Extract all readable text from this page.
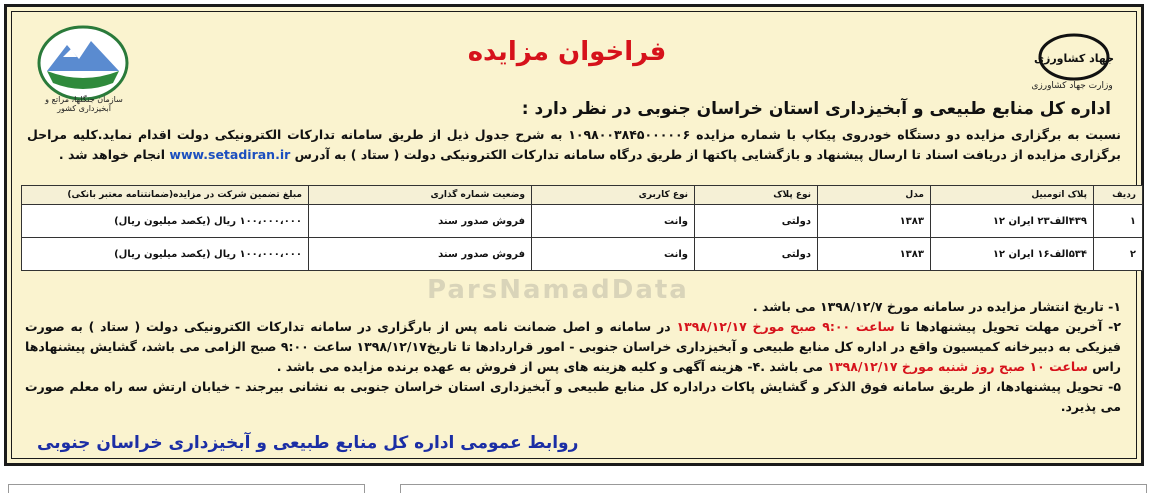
سازمان جنگلها، مراتع و آبخیزداری کشور
فراخوان مزایده	جهاد کشاورزی
وزارت جهاد کشاورزی
اداره کل منابع طبیعی و آبخیزداری استان خراسان جنوبی در نظر دارد :
نسبت به برگزاری مزایده دو دستگاه خودروی پیکاپ با شماره مزایده ۱۰۹۸۰۰۳۸۴۵۰۰۰۰۰۶ به شرح جدول ذیل از طریق سامانه تدارکات الکترونیکی دولت اقدام نماید.کلیه مراحل برگزاری مزایده از دریافت اسناد تا ارسال پیشنهاد و بازگشایی پاکتها از طریق درگاه سامانه تدارکات الکترونیکی دولت ( ستاد ) به آدرس www.setadiran.ir انجام خواهد شد .
ParsNamadData
ردیف	پلاک اتومبیل	مدل	نوع پلاک	نوع کاربری	وضعیت شماره گذاری	مبلغ تضمین شرکت در مزایده(ضمانتنامه معتبر بانکی)
۱	۴۳۹الف۲۳ ایران ۱۲	۱۳۸۳	دولتی	وانت	فروش صدور سند	۱۰۰،۰۰۰،۰۰۰ ریال (یکصد میلیون ریال)
۲	۵۳۴الف۱۶ ایران ۱۲	۱۳۸۳	دولتی	وانت	فروش صدور سند	۱۰۰،۰۰۰،۰۰۰ ریال (یکصد میلیون ریال)
۱- تاریخ انتشار مزایده در سامانه مورخ ۱۳۹۸/۱۲/۷ می باشد .
۲- آخرین مهلت تحویل پیشنهادها تا ساعت ۹:۰۰ صبح مورخ ۱۳۹۸/۱۲/۱۷ در سامانه و اصل ضمانت نامه پس از بارگزاری در سامانه تدارکات الکترونیکی دولت ( ستاد ) به صورت فیزیکی به دبیرخانه کمیسیون واقع در اداره کل منابع طبیعی و آبخیزداری خراسان جنوبی - امور قراردادها تا تاریخ۱۳۹۸/۱۲/۱۷ ساعت ۹:۰۰ صبح الزامی می باشد، گشایش پیشنهادها راس ساعت ۱۰ صبح روز شنبه مورخ ۱۳۹۸/۱۲/۱۷ می باشد .۴- هزینه آگهی و کلیه هزینه های پس از فروش به عهده برنده مزایده می باشد .
۵- تحویل پیشنهادها، از طریق سامانه فوق الذکر و گشایش پاکات دراداره کل منابع طبیعی و آبخیزداری استان خراسان جنوبی به نشانی بیرجند - خیابان ارتش سه راه معلم صورت می پذیرد.
روابط عمومی اداره کل منابع طبیعی و آبخیزداری خراسان جنوبی
